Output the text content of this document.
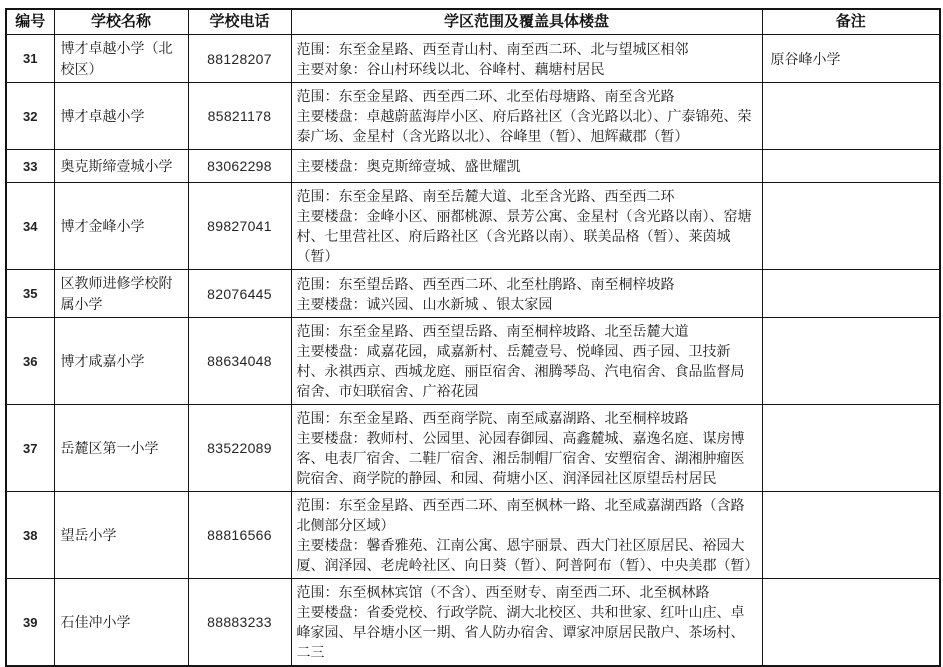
编号	学校名称	学校电话	学区范围及覆盖具体楼盘	备注
31	博才卓越小学（北校区）	88128207	范围：东至金星路、西至青山村、南至西二环、北与望城区相邻
主要对象：谷山村环线以北、谷峰村、藕塘村居民	原谷峰小学
32	博才卓越小学	85821178	范围：东至金星路、西至西二环、北至佑母塘路、南至含光路
主要楼盘：卓越蔚蓝海岸小区、府后路社区（含光路以北）、广泰锦苑、荣泰广场、金星村（含光路以北）、谷峰里（暂）、旭辉藏郡（暂）	

33	奥克斯缔壹城小学	83062298	主要楼盘：奥克斯缔壹城、盛世耀凯	

34	博才金峰小学	89827041	范围：东至金星路、南至岳麓大道、北至含光路、西至西二环
主要楼盘：金峰小区、丽都桃源、景芳公寓、金星村（含光路以南）、窑塘村、七里营社区、府后路社区（含光路以南）、联美品格（暂）、莱茵城（暂）	

35	区教师进修学校附属小学	82076445	范围：东至望岳路、西至西二环、北至杜鹃路、南至桐梓坡路
主要楼盘：诚兴园、山水新城 、银太家园	

36	博才咸嘉小学	88634048	范围：东至金星路、西至望岳路、南至桐梓坡路、北至岳麓大道
主要楼盘：咸嘉花园，咸嘉新村、岳麓壹号、悦峰园、西子园、卫技新村、永祺西京、西城龙庭、丽臣宿舍、湘腾琴岛、汽电宿舍、食品监督局宿舍、市妇联宿舍、广裕花园	

37	岳麓区第一小学	83522089	范围：东至金星路、西至商学院、南至咸嘉湖路、北至桐梓坡路
主要楼盘：教师村、公园里、沁园春御园、高鑫麓城、嘉逸名庭、谋房博客、电表厂宿舍、二鞋厂宿舍、湘岳制帽厂宿舍、安塑宿舍、湖湘肿瘤医院宿舍、商学院的静园、和园、荷塘小区、润泽园社区原望岳村居民	

38	望岳小学	88816566	范围：东至金星路、西至西二环、南至枫林一路、北至咸嘉湖西路（含路北侧部分区域）
主要楼盘：馨香雅苑、江南公寓、恩宇丽景、西大门社区原居民、裕园大厦、润泽园、老虎岭社区、向日葵（暂）、阿普阿布（暂）、中央美郡（暂）	

39	石佳冲小学	88883233	范围：东至枫林宾馆（不含）、西至财专、南至西二环、北至枫林路
主要楼盘：省委党校、行政学院、湖大北校区、共和世家、红叶山庄、卓峰家园、早谷塘小区一期、省人防办宿舍、谭家冲原居民散户、茶场村、二三	
